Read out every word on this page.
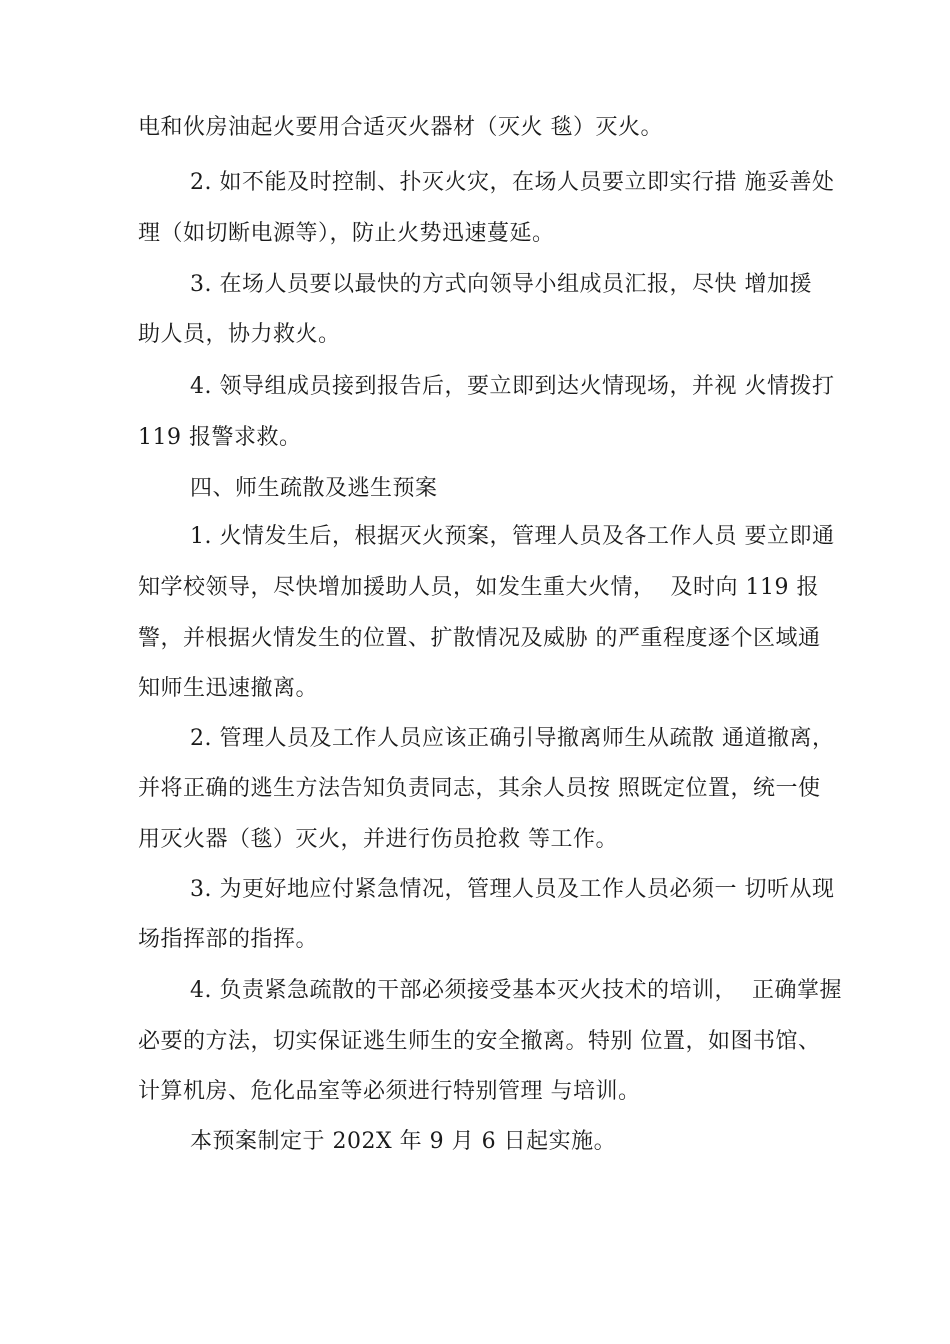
电和伙房油起火要用合适灭火器材（灭火 毯）灭火。
2. 如不能及时控制、扑灭火灾，在场人员要立即实行措 施妥善处
理（如切断电源等），防止火势迅速蔓延。
3. 在场人员要以最快的方式向领导小组成员汇报，尽快 增加援
助人员，协力救火。
4. 领导组成员接到报告后，要立即到达火情现场，并视 火情拨打
119 报警求救。
四、师生疏散及逃生预案
1. 火情发生后，根据灭火预案，管理人员及各工作人员 要立即通
知学校领导，尽快增加援助人员，如发生重大火情，  及时向 119 报
警，并根据火情发生的位置、扩散情况及威胁 的严重程度逐个区域通
知师生迅速撤离。
2. 管理人员及工作人员应该正确引导撤离师生从疏散 通道撤离，
并将正确的逃生方法告知负责同志，其余人员按 照既定位置，统一使
用灭火器（毯）灭火，并进行伤员抢救 等工作。
3. 为更好地应付紧急情况，管理人员及工作人员必须一 切听从现
场指挥部的指挥。
4. 负责紧急疏散的干部必须接受基本灭火技术的培训，  正确掌握
必要的方法，切实保证逃生师生的安全撤离。特别 位置，如图书馆、
计算机房、危化品室等必须进行特别管理 与培训。
本预案制定于 202X 年 9 月 6 日起实施。
